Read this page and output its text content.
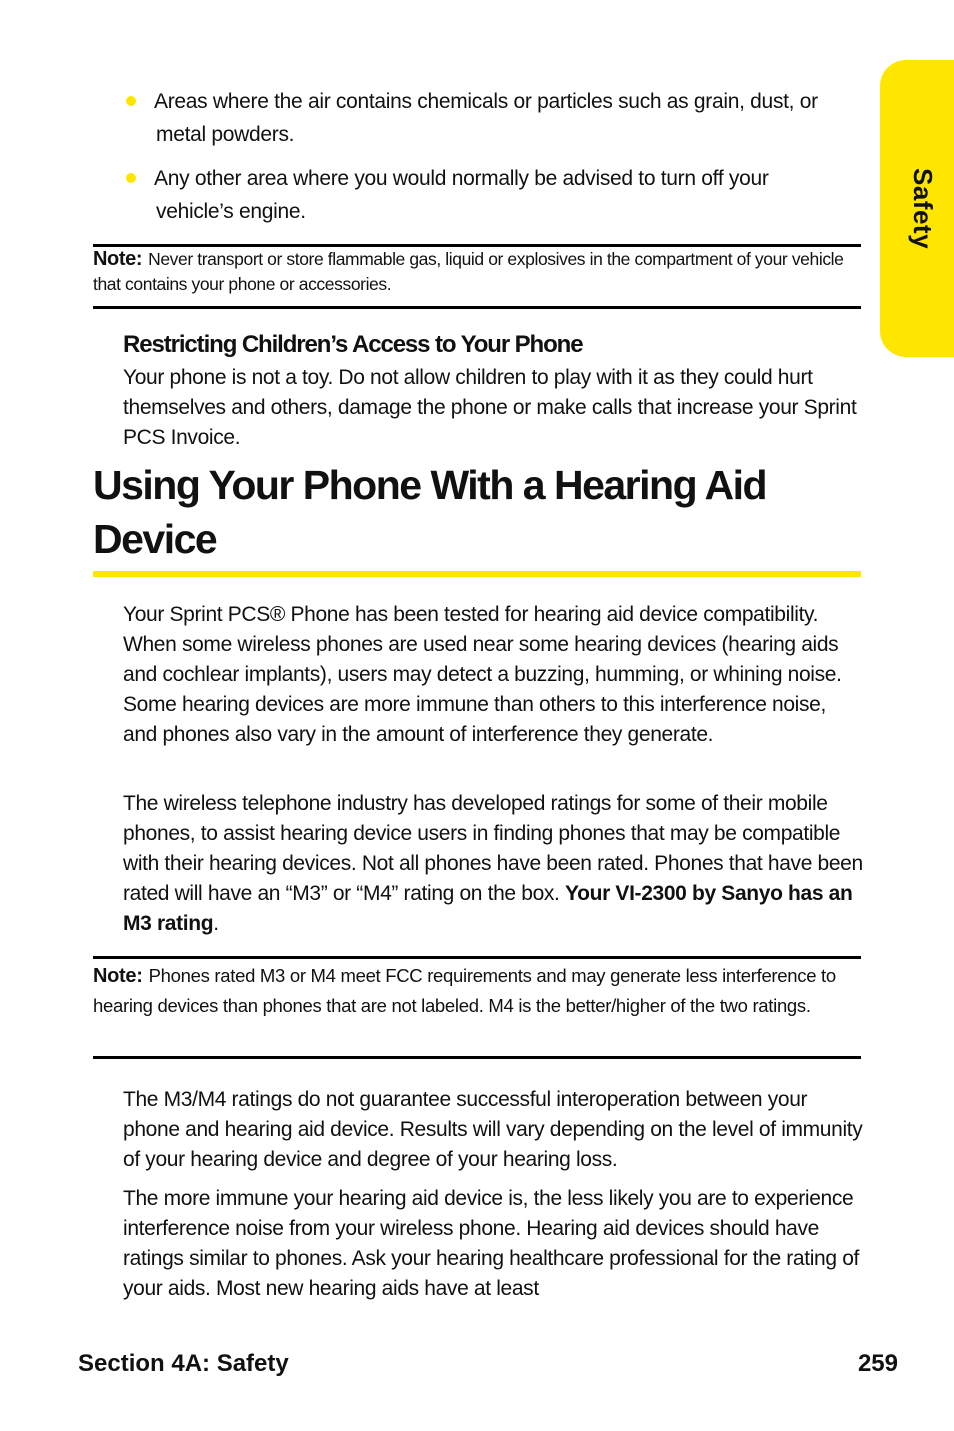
Safety
Areas where the air contains chemicals or particles such as grain, dust, or metal powders.
Any other area where you would normally be advised to turn off your vehicle’s engine.
Note: Never transport or store flammable gas, liquid or explosives in the compartment of your vehicle that contains your phone or accessories.
Restricting Children’s Access to Your Phone
Your phone is not a toy. Do not allow children to play with it as they could hurt themselves and others, damage the phone or make calls that increase your Sprint PCS Invoice.
Using Your Phone With a Hearing Aid Device
Your Sprint PCS® Phone has been tested for hearing aid device compatibility. When some wireless phones are used near some hearing devices (hearing aids and cochlear implants), users may detect a buzzing, humming, or whining noise. Some hearing devices are more immune than others to this interference noise, and phones also vary in the amount of interference they generate.
The wireless telephone industry has developed ratings for some of their mobile phones, to assist hearing device users in finding phones that may be compatible with their hearing devices. Not all phones have been rated. Phones that have been rated will have an “M3” or “M4” rating on the box. Your VI-2300 by Sanyo has an M3 rating.
Note: Phones rated M3 or M4 meet FCC requirements and may generate less interference to hearing devices than phones that are not labeled. M4 is the better/higher of the two ratings.
The M3/M4 ratings do not guarantee successful interoperation between your phone and hearing aid device. Results will vary depending on the level of immunity of your hearing device and degree of your hearing loss.
The more immune your hearing aid device is, the less likely you are to experience interference noise from your wireless phone. Hearing aid devices should have ratings similar to phones. Ask your hearing healthcare professional for the rating of your aids. Most new hearing aids have at least
Section 4A: Safety	259
